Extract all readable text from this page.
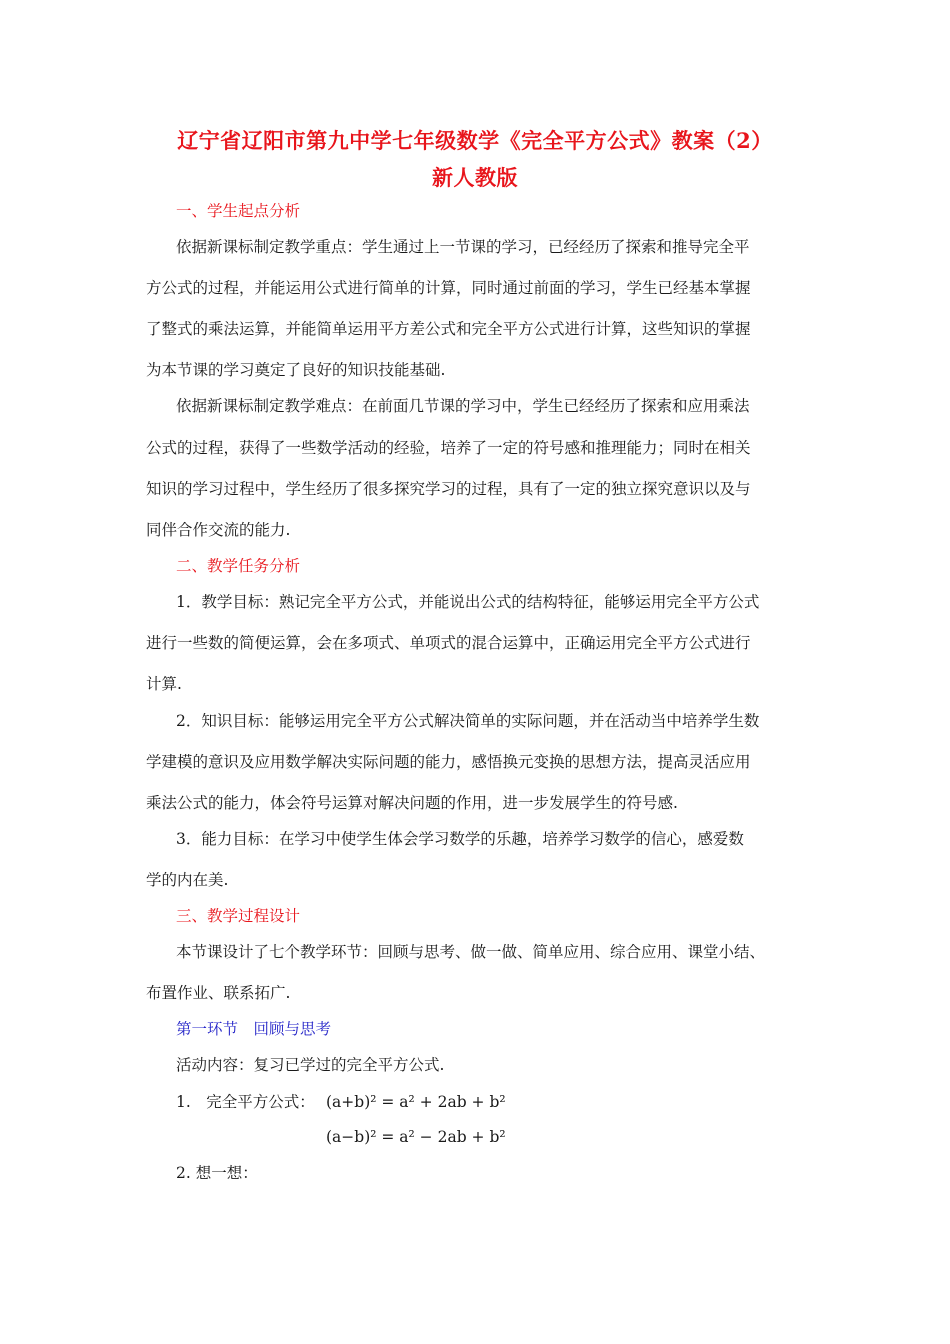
辽宁省辽阳市第九中学七年级数学《完全平方公式》教案（2）
新人教版
一、学生起点分析
依据新课标制定教学重点：学生通过上一节课的学习，已经经历了探索和推导完全平
方公式的过程，并能运用公式进行简单的计算，同时通过前面的学习，学生已经基本掌握
了整式的乘法运算，并能简单运用平方差公式和完全平方公式进行计算，这些知识的掌握
为本节课的学习奠定了良好的知识技能基础.
依据新课标制定教学难点：在前面几节课的学习中，学生已经经历了探索和应用乘法
公式的过程，获得了一些数学活动的经验，培养了一定的符号感和推理能力；同时在相关
知识的学习过程中，学生经历了很多探究学习的过程，具有了一定的独立探究意识以及与
同伴合作交流的能力.
二、教学任务分析
1．教学目标：熟记完全平方公式，并能说出公式的结构特征，能够运用完全平方公式
进行一些数的简便运算，会在多项式、单项式的混合运算中，正确运用完全平方公式进行
计算.
2．知识目标：能够运用完全平方公式解决简单的实际问题，并在活动当中培养学生数
学建模的意识及应用数学解决实际问题的能力，感悟换元变换的思想方法，提高灵活应用
乘法公式的能力，体会符号运算对解决问题的作用，进一步发展学生的符号感.
3．能力目标：在学习中使学生体会学习数学的乐趣，培养学习数学的信心，感爱数
学的内在美.
三、教学过程设计
本节课设计了七个教学环节：回顾与思考、做一做、简单应用、综合应用、课堂小结、
布置作业、联系拓广.
第一环节　回顾与思考
活动内容：复习已学过的完全平方公式.
1.　完全平方公式： (a+b)² = a² + 2ab + b²
(a−b)² = a² − 2ab + b²
2. 想一想：
